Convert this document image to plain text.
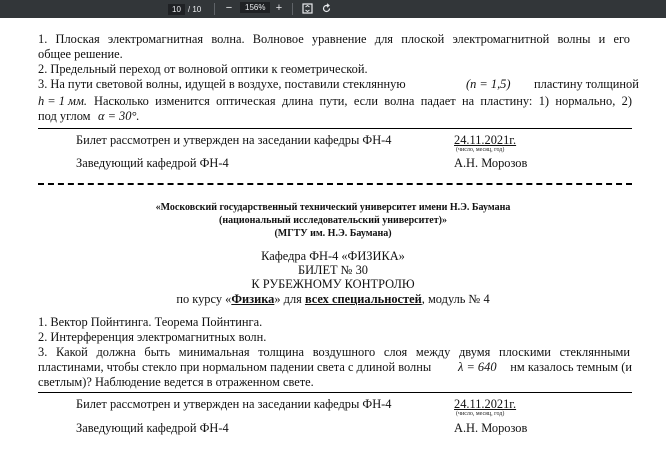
10 / 10 −	156% +
1. Плоская электромагнитная волна. Волновое уравнение для плоской электромагнитной волны и его
общее решение.
2. Предельный переход от волновой оптики к геометрической.
3. На пути световой волны, идущей в воздухе, поставили стеклянную	(n = 1,5) пластину толщиной
h = 1 мм. Насколько изменится оптическая длина пути, если волна падает на пластину: 1) нормально, 2)
под углом α = 30°.
Билет рассмотрен и утвержден на заседании кафедры ФН-4	24.11.2021г.
(число, месяц, год)
Заведующий кафедрой ФН-4	А.Н. Морозов
«Московский государственный технический университет имени Н.Э. Баумана
(национальный исследовательский университет)»
(МГТУ им. Н.Э. Баумана)
Кафедра ФН-4 «ФИЗИКА»
БИЛЕТ № 30
К РУБЕЖНОМУ КОНТРОЛЮ
по курсу «Физика» для всех специальностей, модуль № 4
1. Вектор Пойнтинга. Теорема Пойнтинга.
2. Интерференция электромагнитных волн.
3. Какой должна быть минимальная толщина воздушного слоя между двумя плоскими стеклянными
пластинами, чтобы стекло при нормальном падении света с длиной волны λ = 640 нм казалось темным (и
светлым)? Наблюдение ведется в отраженном свете.
Билет рассмотрен и утвержден на заседании кафедры ФН-4	24.11.2021г.
(число, месяц, год)
Заведующий кафедрой ФН-4	А.Н. Морозов
